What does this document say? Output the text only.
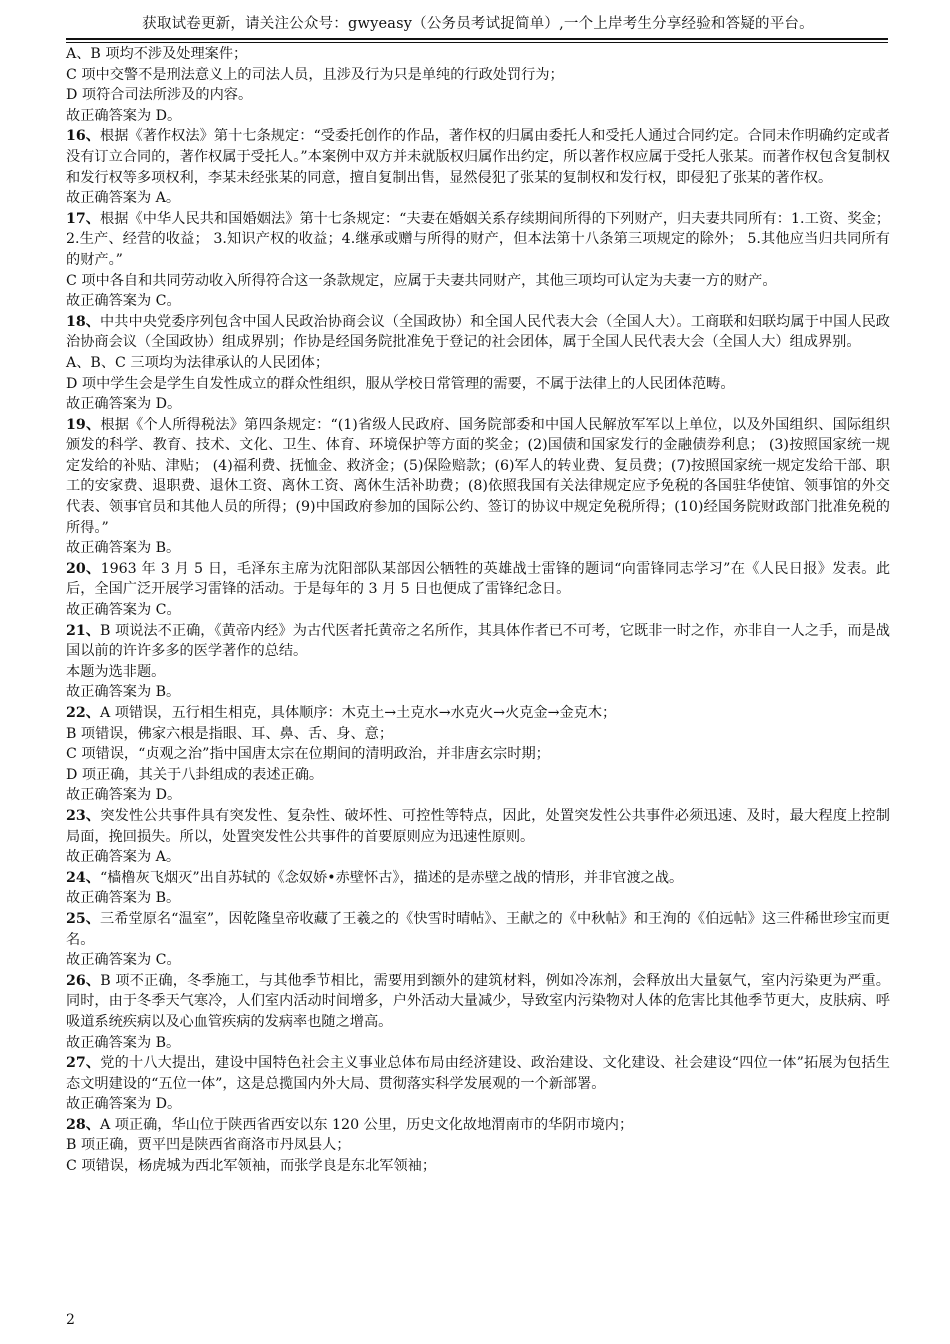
获取试卷更新，请关注公众号：gwyeasy（公务员考试捉简单）,一个上岸考生分享经验和答疑的平台。

A、B 项均不涉及处理案件；

C 项中交警不是刑法意义上的司法人员，且涉及行为只是单纯的行政处罚行为；

D 项符合司法所涉及的内容。

故正确答案为 D。

16、根据《著作权法》第十七条规定：“受委托创作的作品，著作权的归属由委托人和受托人通过合同约定。合同未作明确约定或者没有订立合同的，著作权属于受托人。”本案例中双方并未就版权归属作出约定，所以著作权应属于受托人张某。而著作权包含复制权和发行权等多项权利，李某未经张某的同意，擅自复制出售，显然侵犯了张某的复制权和发行权，即侵犯了张某的著作权。

故正确答案为 A。

17、根据《中华人民共和国婚姻法》第十七条规定：“夫妻在婚姻关系存续期间所得的下列财产，归夫妻共同所有：1.工资、奖金； 2.生产、经营的收益； 3.知识产权的收益；4.继承或赠与所得的财产，但本法第十八条第三项规定的除外； 5.其他应当归共同所有的财产。”

C 项中各自和共同劳动收入所得符合这一条款规定，应属于夫妻共同财产，其他三项均可认定为夫妻一方的财产。

故正确答案为 C。

18、中共中央党委序列包含中国人民政治协商会议（全国政协）和全国人民代表大会（全国人大）。工商联和妇联均属于中国人民政治协商会议（全国政协）组成界别；作协是经国务院批准免于登记的社会团体，属于全国人民代表大会（全国人大）组成界别。

A、B、C 三项均为法律承认的人民团体；

D 项中学生会是学生自发性成立的群众性组织，服从学校日常管理的需要，不属于法律上的人民团体范畴。

故正确答案为 D。

19、根据《个人所得税法》第四条规定：“(1)省级人民政府、国务院部委和中国人民解放军军以上单位，以及外国组织、国际组织颁发的科学、教育、技术、文化、卫生、体育、环境保护等方面的奖金；(2)国债和国家发行的金融债券利息； (3)按照国家统一规定发给的补贴、津贴； (4)福利费、抚恤金、救济金；(5)保险赔款；(6)军人的转业费、复员费；(7)按照国家统一规定发给干部、职工的安家费、退职费、退休工资、离休工资、离休生活补助费；(8)依照我国有关法律规定应予免税的各国驻华使馆、领事馆的外交代表、领事官员和其他人员的所得；(9)中国政府参加的国际公约、签订的协议中规定免税所得；(10)经国务院财政部门批准免税的所得。”

故正确答案为 B。

20、1963 年 3 月 5 日，毛泽东主席为沈阳部队某部因公牺牲的英雄战士雷锋的题词“向雷锋同志学习”在《人民日报》发表。此后，全国广泛开展学习雷锋的活动。于是每年的 3 月 5 日也便成了雷锋纪念日。

故正确答案为 C。

21、B 项说法不正确，《黄帝内经》为古代医者托黄帝之名所作，其具体作者已不可考，它既非一时之作，亦非自一人之手，而是战国以前的许许多多的医学著作的总结。

本题为选非题。

故正确答案为 B。

22、A 项错误，五行相生相克，具体顺序：木克土→土克水→水克火→火克金→金克木；

B 项错误，佛家六根是指眼、耳、鼻、舌、身、意；

C 项错误，“贞观之治”指中国唐太宗在位期间的清明政治，并非唐玄宗时期；

D 项正确，其关于八卦组成的表述正确。

故正确答案为 D。

23、突发性公共事件具有突发性、复杂性、破坏性、可控性等特点，因此，处置突发性公共事件必须迅速、及时，最大程度上控制局面，挽回损失。所以，处置突发性公共事件的首要原则应为迅速性原则。

故正确答案为 A。

24、“樯橹灰飞烟灭”出自苏轼的《念奴娇•赤壁怀古》，描述的是赤壁之战的情形，并非官渡之战。

故正确答案为 B。

25、三希堂原名“温室”，因乾隆皇帝收藏了王羲之的《快雪时晴帖》、王献之的《中秋帖》和王洵的《伯远帖》这三件稀世珍宝而更名。

故正确答案为 C。

26、B 项不正确，冬季施工，与其他季节相比，需要用到额外的建筑材料，例如冷冻剂，会释放出大量氨气，室内污染更为严重。同时，由于冬季天气寒冷，人们室内活动时间增多，户外活动大量减少，导致室内污染物对人体的危害比其他季节更大，皮肤病、呼吸道系统疾病以及心血管疾病的发病率也随之增高。

故正确答案为 B。

27、党的十八大提出，建设中国特色社会主义事业总体布局由经济建设、政治建设、文化建设、社会建设“四位一体”拓展为包括生态文明建设的“五位一体”，这是总揽国内外大局、贯彻落实科学发展观的一个新部署。

故正确答案为 D。

28、A 项正确，华山位于陕西省西安以东 120 公里，历史文化故地渭南市的华阴市境内；

B 项正确，贾平凹是陕西省商洛市丹凤县人；

C 项错误，杨虎城为西北军领袖，而张学良是东北军领袖；

2
